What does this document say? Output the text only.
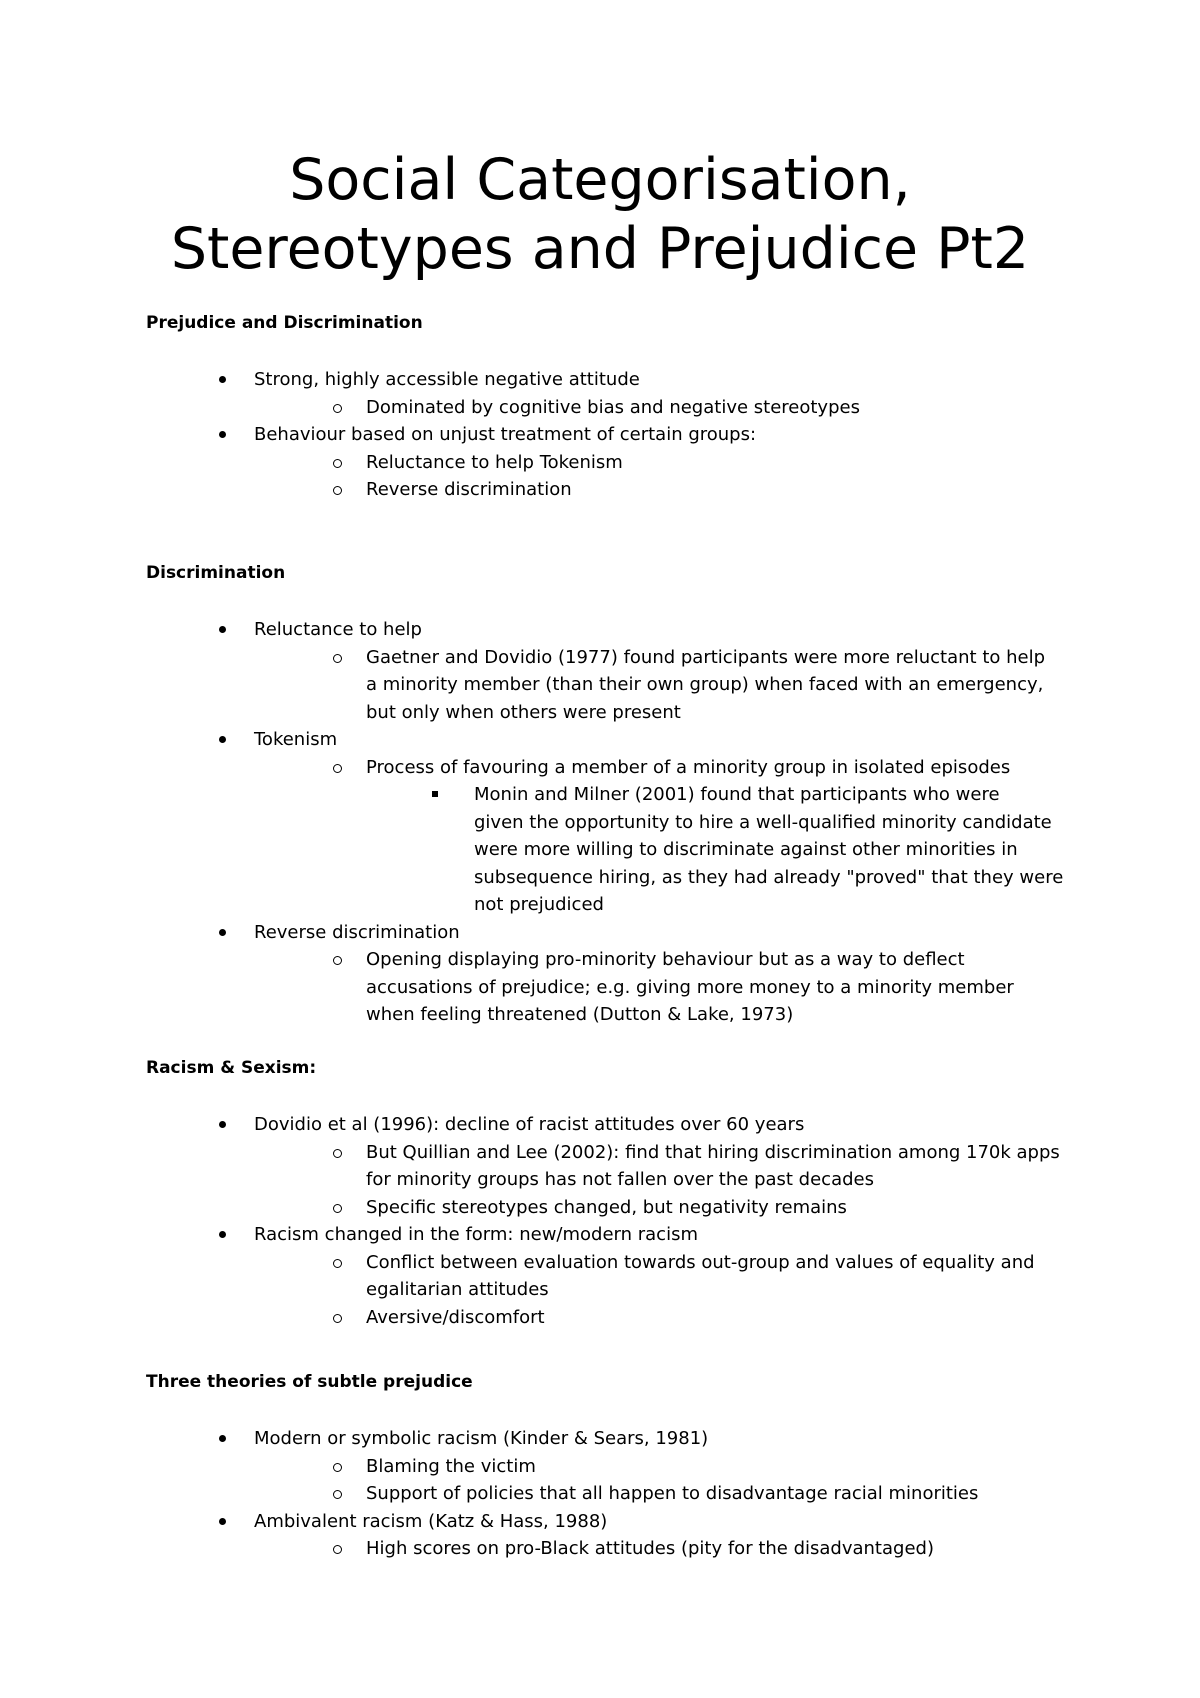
Social Categorisation,
Stereotypes and Prejudice Pt2
Prejudice and Discrimination
Strong, highly accessible negative attitude
Dominated by cognitive bias and negative stereotypes
Behaviour based on unjust treatment of certain groups:
Reluctance to help Tokenism
Reverse discrimination
Discrimination
Reluctance to help
Gaetner and Dovidio (1977) found participants were more reluctant to help
a minority member (than their own group) when faced with an emergency,
but only when others were present
Tokenism
Process of favouring a member of a minority group in isolated episodes
Monin and Milner (2001) found that participants who were
given the opportunity to hire a well-qualified minority candidate
were more willing to discriminate against other minorities in
subsequence hiring, as they had already "proved" that they were
not prejudiced
Reverse discrimination
Opening displaying pro-minority behaviour but as a way to deflect
accusations of prejudice; e.g. giving more money to a minority member
when feeling threatened (Dutton & Lake, 1973)
Racism & Sexism:
Dovidio et al (1996): decline of racist attitudes over 60 years
But Quillian and Lee (2002): find that hiring discrimination among 170k apps
for minority groups has not fallen over the past decades
Specific stereotypes changed, but negativity remains
Racism changed in the form: new/modern racism
Conflict between evaluation towards out-group and values of equality and
egalitarian attitudes
Aversive/discomfort
Three theories of subtle prejudice
Modern or symbolic racism (Kinder & Sears, 1981)
Blaming the victim
Support of policies that all happen to disadvantage racial minorities
Ambivalent racism (Katz & Hass, 1988)
High scores on pro-Black attitudes (pity for the disadvantaged)
